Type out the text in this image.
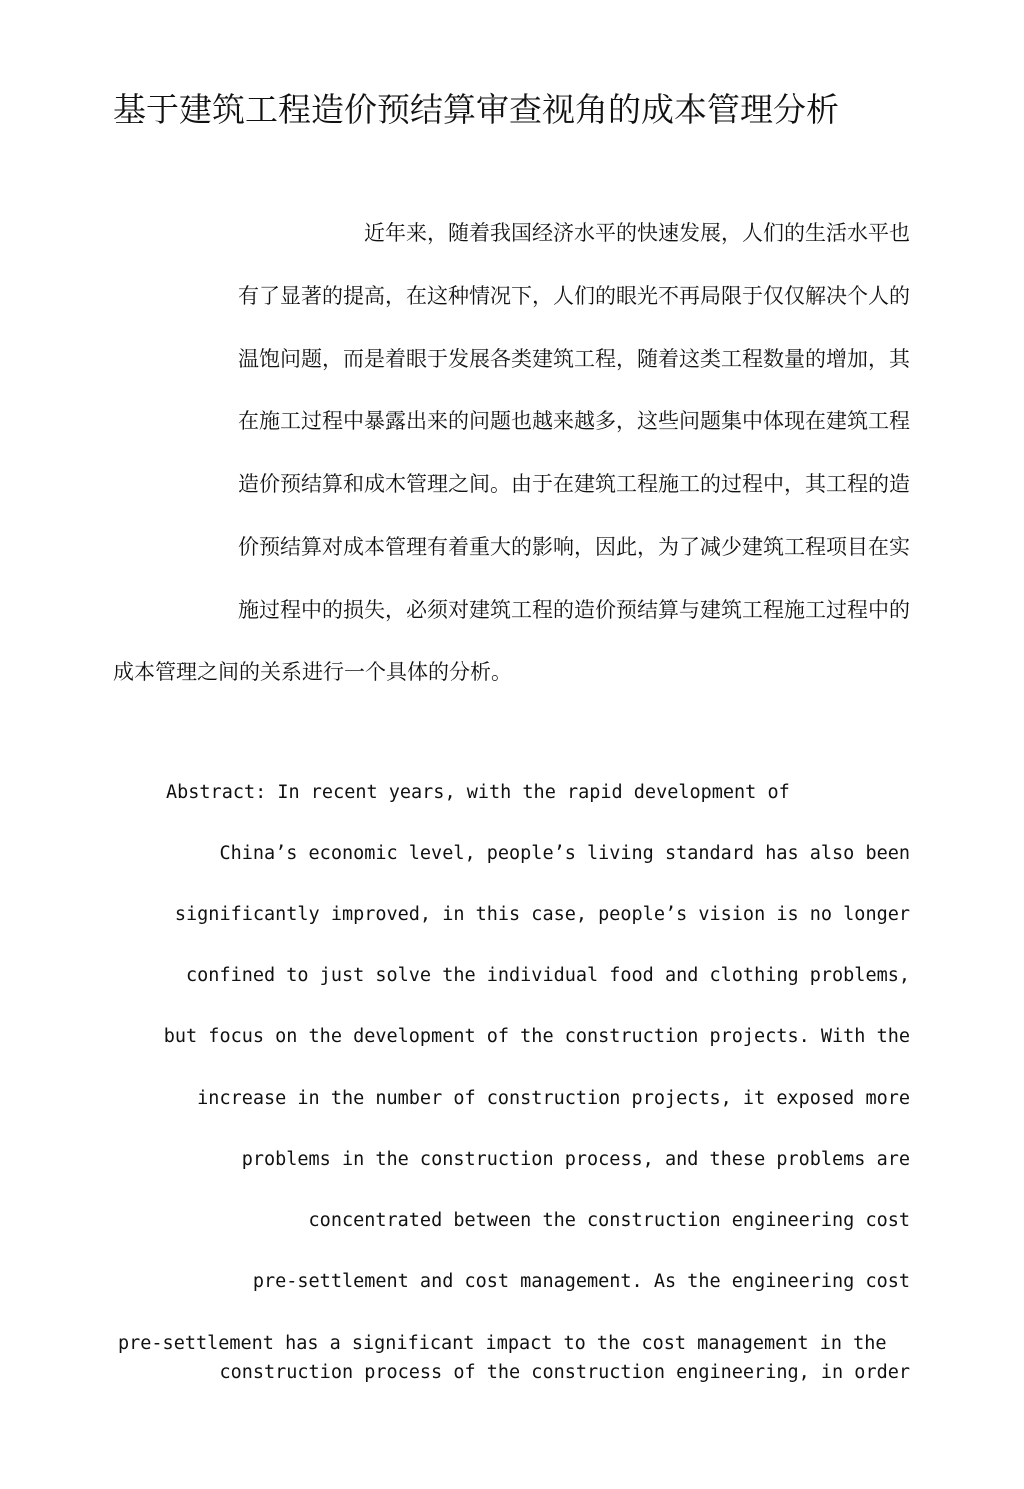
基于建筑工程造价预结算审查视角的成本管理分析
近年来，随着我国经济水平的快速发展，人们的生活水平也
有了显著的提高，在这种情况下，人们的眼光不再局限于仅仅解决个人的
温饱问题，而是着眼于发展各类建筑工程，随着这类工程数量的增加，其
在施工过程中暴露出来的问题也越来越多，这些问题集中体现在建筑工程
造价预结算和成木管理之间。由于在建筑工程施工的过程中，其工程的造
价预结算对成本管理有着重大的影响，因此，为了减少建筑工程项目在实
施过程中的损失，必须对建筑工程的造价预结算与建筑工程施工过程中的
成本管理之间的关系进行一个具体的分析。
Abstract: In recent years, with the rapid development of
China’s economic level, people’s living standard has also been
significantly improved, in this case, people’s vision is no longer
confined to just solve the individual food and clothing problems,
but focus on the development of the construction projects. With the
increase in the number of construction projects, it exposed more
problems in the construction process, and these problems are
concentrated between the construction engineering cost
pre-settlement and cost management. As the engineering cost
pre-settlement has a significant impact to the cost management in the
construction process of the construction engineering, in order
